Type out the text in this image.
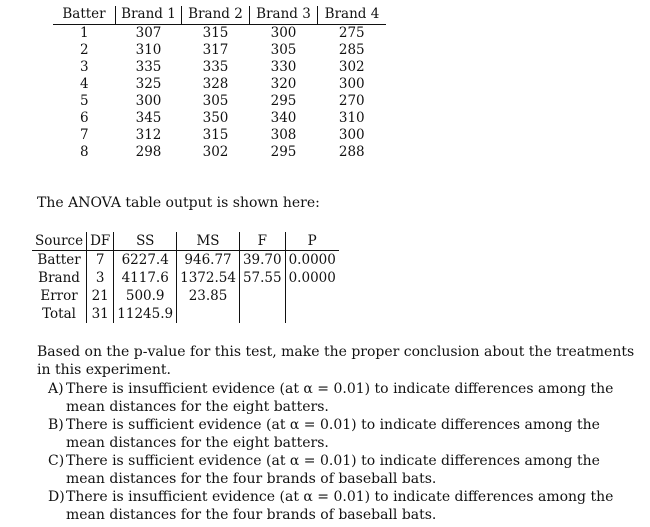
Batter	Brand 1	Brand 2	Brand 3	Brand 4
1	307	315	300	275
2	310	317	305	285
3	335	335	330	302
4	325	328	320	300
5	300	305	295	270
6	345	350	340	310
7	312	315	308	300
8	298	302	295	288
The ANOVA table output is shown here:
Source	DF	SS	MS	F	P
Batter	7	6227.4	946.77	39.70	0.0000
Brand	3	4117.6	1372.54	57.55	0.0000
Error	21	500.9	23.85		
Total	31	11245.9			
Based on the p-value for this test, make the proper conclusion about the treatments in this experiment.
A) There is insufficient evidence (at α = 0.01) to indicate differences among the mean distances for the eight batters.
B) There is sufficient evidence (at α = 0.01) to indicate differences among the mean distances for the eight batters.
C) There is sufficient evidence (at α = 0.01) to indicate differences among the mean distances for the four brands of baseball bats.
D) There is insufficient evidence (at α = 0.01) to indicate differences among the mean distances for the four brands of baseball bats.
